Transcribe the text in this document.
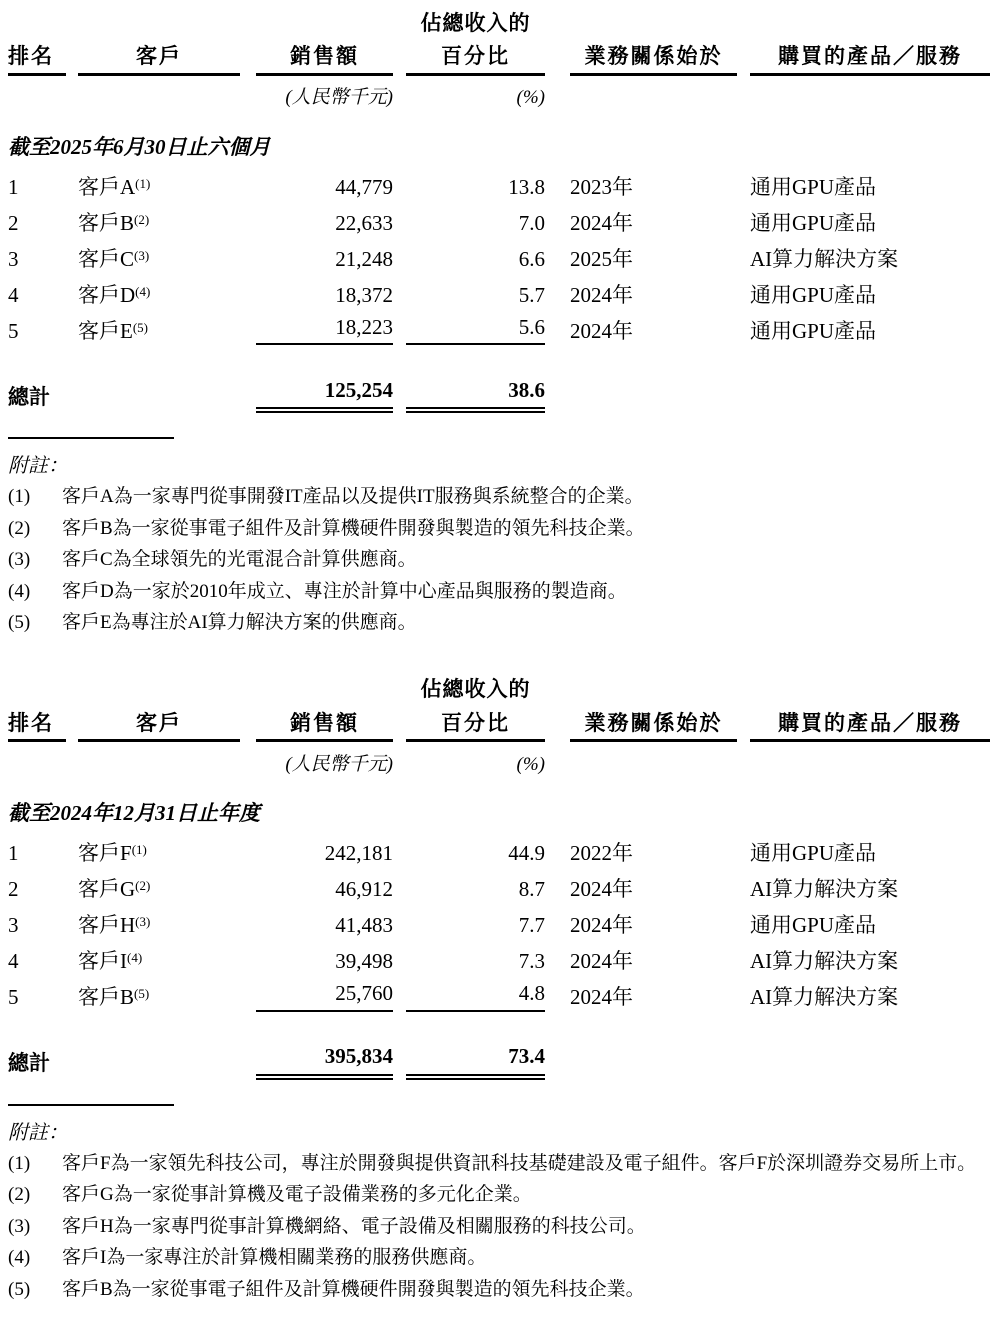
						佔總收入的				
排名		客戶		銷售額		百分比		業務關係始於		購買的產品／服務
				(人民幣千元)		(%)				
截至2025年6月30日止六個月										
1		客戶A$^{(1)}$		44,779		13.8		2023年		通用GPU產品
2		客戶B$^{(2)}$		22,633		7.0		2024年		通用GPU產品
3		客戶C$^{(3)}$		21,248		6.6		2025年		AI算力解決方案
4		客戶D$^{(4)}$		18,372		5.7		2024年		通用GPU產品
5		客戶E$^{(5)}$		18,223		5.6		2024年		通用GPU產品

總計				125,254		38.6				
附註：
(1)	客戶A為一家專門從事開發IT產品以及提供IT服務與系統整合的企業。
(2)	客戶B為一家從事電子組件及計算機硬件開發與製造的領先科技企業。
(3)	客戶C為全球領先的光電混合計算供應商。
(4)	客戶D為一家於2010年成立、專注於計算中心產品與服務的製造商。
(5)	客戶E為專注於AI算力解決方案的供應商。
						佔總收入的				
排名		客戶		銷售額		百分比		業務關係始於		購買的產品／服務
				(人民幣千元)		(%)				
截至2024年12月31日止年度										
1		客戶F$^{(1)}$		242,181		44.9		2022年		通用GPU產品
2		客戶G$^{(2)}$		46,912		8.7		2024年		AI算力解決方案
3		客戶H$^{(3)}$		41,483		7.7		2024年		通用GPU產品
4		客戶I$^{(4)}$		39,498		7.3		2024年		AI算力解決方案
5		客戶B$^{(5)}$		25,760		4.8		2024年		AI算力解決方案

總計				395,834		73.4				
附註：
(1)	客戶F為一家領先科技公司，專注於開發與提供資訊科技基礎建設及電子組件。客戶F於深圳證券交易所上市。
(2)	客戶G為一家從事計算機及電子設備業務的多元化企業。
(3)	客戶H為一家專門從事計算機網絡、電子設備及相關服務的科技公司。
(4)	客戶I為一家專注於計算機相關業務的服務供應商。
(5)	客戶B為一家從事電子組件及計算機硬件開發與製造的領先科技企業。
